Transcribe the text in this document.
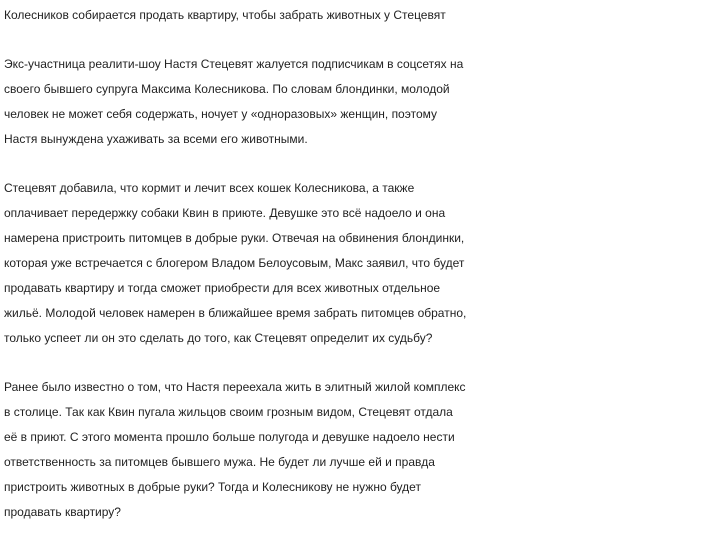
Колесников собирается продать квартиру, чтобы забрать животных у Стецевят

Экс-участница реалити-шоу Настя Стецевят жалуется подписчикам в соцсетях на
своего бывшего супруга Максима Колесникова. По словам блондинки, молодой
человек не может себя содержать, ночует у «одноразовых» женщин, поэтому
Настя вынуждена ухаживать за всеми его животными.

Стецевят добавила, что кормит и лечит всех кошек Колесникова, а также
оплачивает передержку собаки Квин в приюте. Девушке это всё надоело и она
намерена пристроить питомцев в добрые руки. Отвечая на обвинения блондинки,
которая уже встречается с блогером Владом Белоусовым, Макс заявил, что будет
продавать квартиру и тогда сможет приобрести для всех животных отдельное
жильё. Молодой человек намерен в ближайшее время забрать питомцев обратно,
только успеет ли он это сделать до того, как Стецевят определит их судьбу?

Ранее было известно о том, что Настя переехала жить в элитный жилой комплекс
в столице. Так как Квин пугала жильцов своим грозным видом, Стецевят отдала
её в приют. С этого момента прошло больше полугода и девушке надоело нести
ответственность за питомцев бывшего мужа. Не будет ли лучше ей и правда
пристроить животных в добрые руки? Тогда и Колесникову не нужно будет
продавать квартиру?
